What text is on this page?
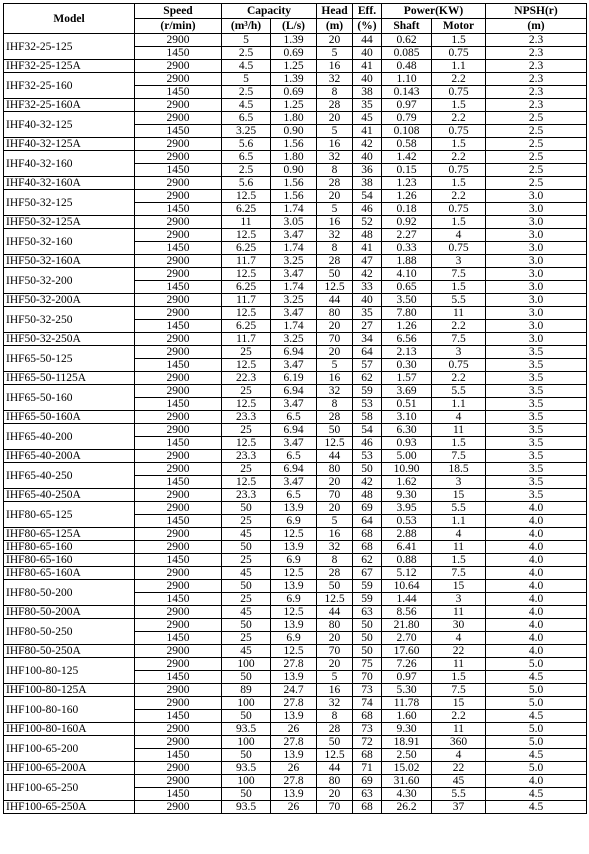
Model	Speed	Capacity		Head	Eff.	Power(KW)		NPSH(r)
	(r/min)	(m³/h)	(L/s)	(m)	(%)	Shaft	Motor	(m)
IHF32-25-125	2900	5	1.39	20	44	0.62	1.5	2.3
	1450	2.5	0.69	5	40	0.085	0.75	2.3
IHF32-25-125A	2900	4.5	1.25	16	41	0.48	1.1	2.3
IHF32-25-160	2900	5	1.39	32	40	1.10	2.2	2.3
	1450	2.5	0.69	8	38	0.143	0.75	2.3
IHF32-25-160A	2900	4.5	1.25	28	35	0.97	1.5	2.3
IHF40-32-125	2900	6.5	1.80	20	45	0.79	2.2	2.5
	1450	3.25	0.90	5	41	0.108	0.75	2.5
IHF40-32-125A	2900	5.6	1.56	16	42	0.58	1.5	2.5
IHF40-32-160	2900	6.5	1.80	32	40	1.42	2.2	2.5
	1450	2.5	0.90	8	36	0.15	0.75	2.5
IHF40-32-160A	2900	5.6	1.56	28	38	1.23	1.5	2.5
IHF50-32-125	2900	12.5	1.56	20	54	1.26	2.2	3.0
	1450	6.25	1.74	5	46	0.18	0.75	3.0
IHF50-32-125A	2900	11	3.05	16	52	0.92	1.5	3.0
IHF50-32-160	2900	12.5	3.47	32	48	2.27	4	3.0
	1450	6.25	1.74	8	41	0.33	0.75	3.0
IHF50-32-160A	2900	11.7	3.25	28	47	1.88	3	3.0
IHF50-32-200	2900	12.5	3.47	50	42	4.10	7.5	3.0
	1450	6.25	1.74	12.5	33	0.65	1.5	3.0
IHF50-32-200A	2900	11.7	3.25	44	40	3.50	5.5	3.0
IHF50-32-250	2900	12.5	3.47	80	35	7.80	11	3.0
	1450	6.25	1.74	20	27	1.26	2.2	3.0
IHF50-32-250A	2900	11.7	3.25	70	34	6.56	7.5	3.0
IHF65-50-125	2900	25	6.94	20	64	2.13	3	3.5
	1450	12.5	3.47	5	57	0.30	0.75	3.5
IHF65-50-1125A	2900	22.3	6.19	16	62	1.57	2.2	3.5
IHF65-50-160	2900	25	6.94	32	59	3.69	5.5	3.5
	1450	12.5	3.47	8	53	0.51	1.1	3.5
IHF65-50-160A	2900	23.3	6.5	28	58	3.10	4	3.5
IHF65-40-200	2900	25	6.94	50	54	6.30	11	3.5
	1450	12.5	3.47	12.5	46	0.93	1.5	3.5
IHF65-40-200A	2900	23.3	6.5	44	53	5.00	7.5	3.5
IHF65-40-250	2900	25	6.94	80	50	10.90	18.5	3.5
	1450	12.5	3.47	20	42	1.62	3	3.5
IHF65-40-250A	2900	23.3	6.5	70	48	9.30	15	3.5
IHF80-65-125	2900	50	13.9	20	69	3.95	5.5	4.0
	1450	25	6.9	5	64	0.53	1.1	4.0
IHF80-65-125A	2900	45	12.5	16	68	2.88	4	4.0
IHF80-65-160	2900	50	13.9	32	68	6.41	11	4.0
IHF80-65-160	1450	25	6.9	8	62	0.88	1.5	4.0
IHF80-65-160A	2900	45	12.5	28	67	5.12	7.5	4.0
IHF80-50-200	2900	50	13.9	50	59	10.64	15	4.0
	1450	25	6.9	12.5	59	1.44	3	4.0
IHF80-50-200A	2900	45	12.5	44	63	8.56	11	4.0
IHF80-50-250	2900	50	13.9	80	50	21.80	30	4.0
	1450	25	6.9	20	50	2.70	4	4.0
IHF80-50-250A	2900	45	12.5	70	50	17.60	22	4.0
IHF100-80-125	2900	100	27.8	20	75	7.26	11	5.0
	1450	50	13.9	5	70	0.97	1.5	4.5
IHF100-80-125A	2900	89	24.7	16	73	5.30	7.5	5.0
IHF100-80-160	2900	100	27.8	32	74	11.78	15	5.0
	1450	50	13.9	8	68	1.60	2.2	4.5
IHF100-80-160A	2900	93.5	26	28	73	9.30	11	5.0
IHF100-65-200	2900	100	27.8	50	72	18.91	360	5.0
	1450	50	13.9	12.5	68	2.50	4	4.5
IHF100-65-200A	2900	93.5	26	44	71	15.02	22	5.0
IHF100-65-250	2900	100	27.8	80	69	31.60	45	4.0
	1450	50	13.9	20	63	4.30	5.5	4.5
IHF100-65-250A	2900	93.5	26	70	68	26.2	37	4.5
